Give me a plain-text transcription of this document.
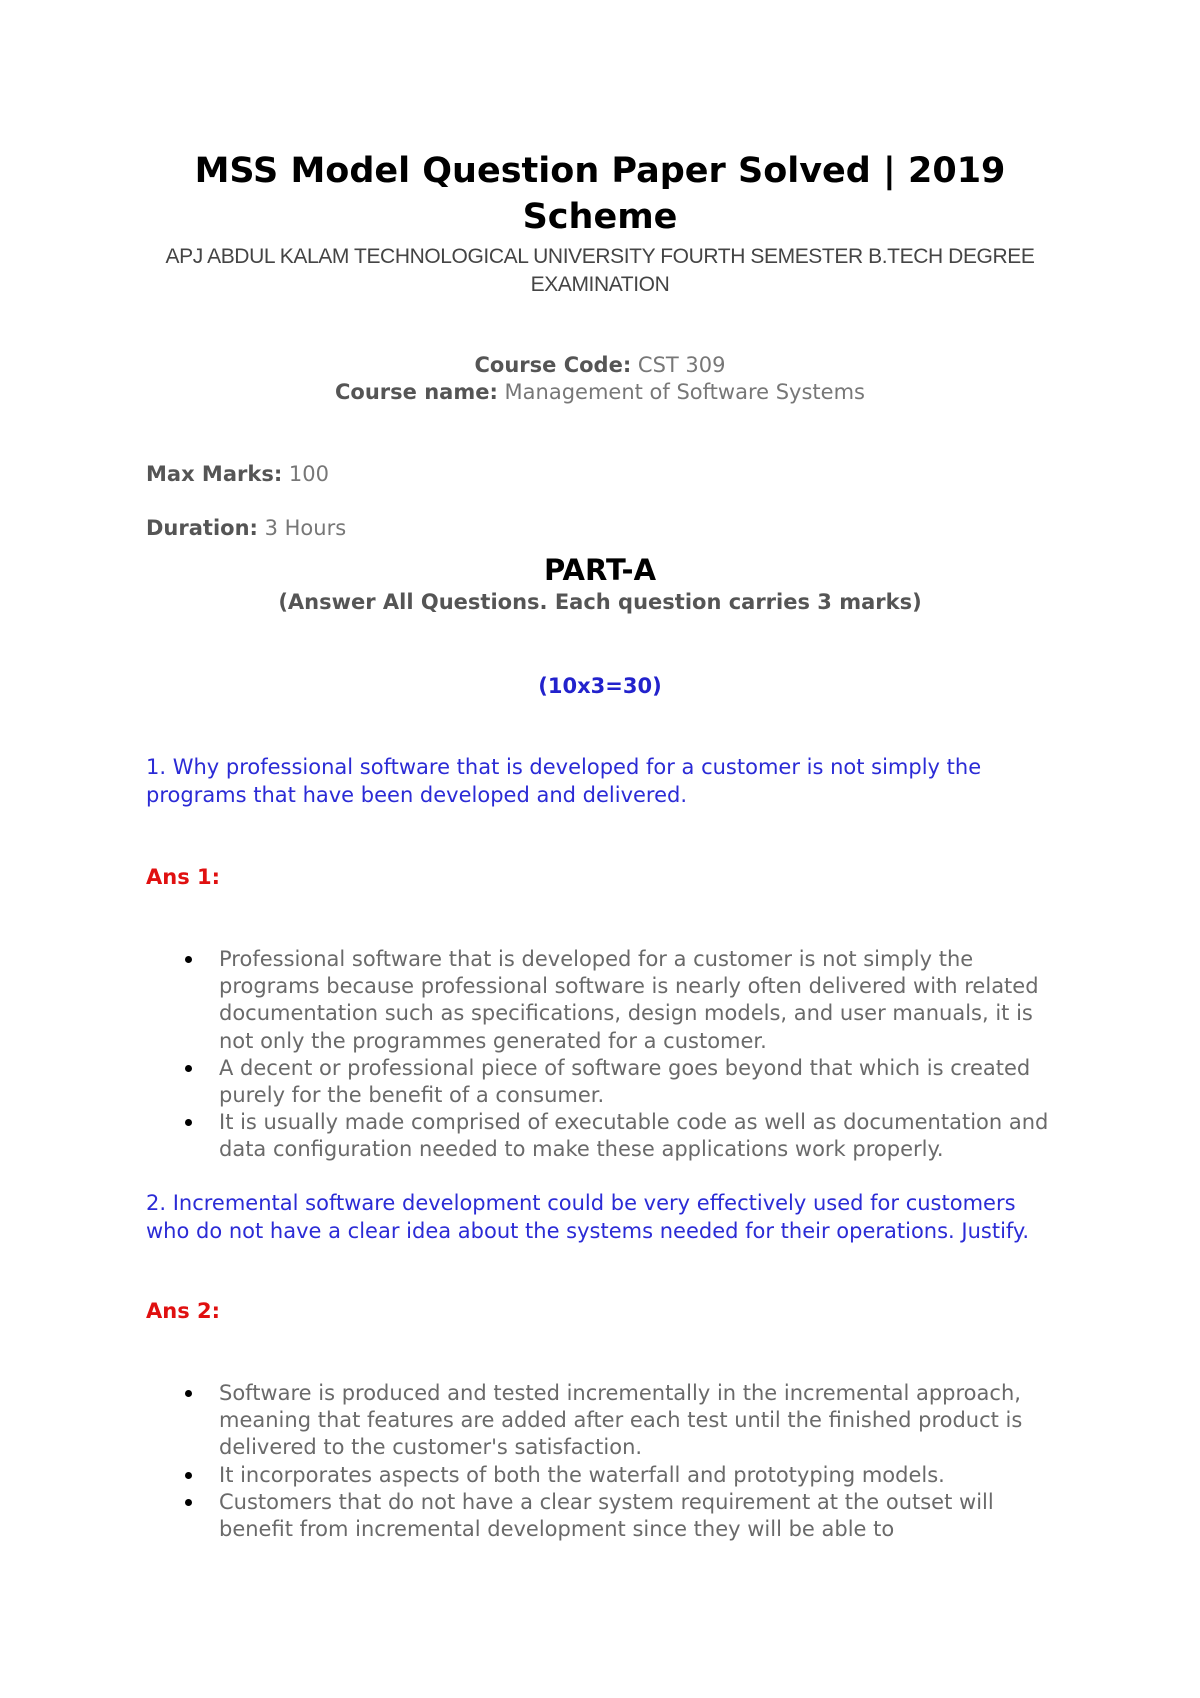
MSS Model Question Paper Solved | 2019 Scheme
APJ ABDUL KALAM TECHNOLOGICAL UNIVERSITY FOURTH SEMESTER B.TECH DEGREE EXAMINATION
Course Code: CST 309
Course name: Management of Software Systems
Max Marks: 100
Duration: 3 Hours
PART-A
(Answer All Questions. Each question carries 3 marks)
(10x3=30)
1. Why professional software that is developed for a customer is not simply the programs that have been developed and delivered.
Ans 1:
Professional software that is developed for a customer is not simply the programs because professional software is nearly often delivered with related documentation such as specifications, design models, and user manuals, it is not only the programmes generated for a customer.
A decent or professional piece of software goes beyond that which is created purely for the benefit of a consumer.
It is usually made comprised of executable code as well as documentation and data configuration needed to make these applications work properly.
2. Incremental software development could be very effectively used for customers who do not have a clear idea about the systems needed for their operations. Justify.
Ans 2:
Software is produced and tested incrementally in the incremental approach, meaning that features are added after each test until the finished product is delivered to the customer's satisfaction.
It incorporates aspects of both the waterfall and prototyping models.
Customers that do not have a clear system requirement at the outset will benefit from incremental development since they will be able to
